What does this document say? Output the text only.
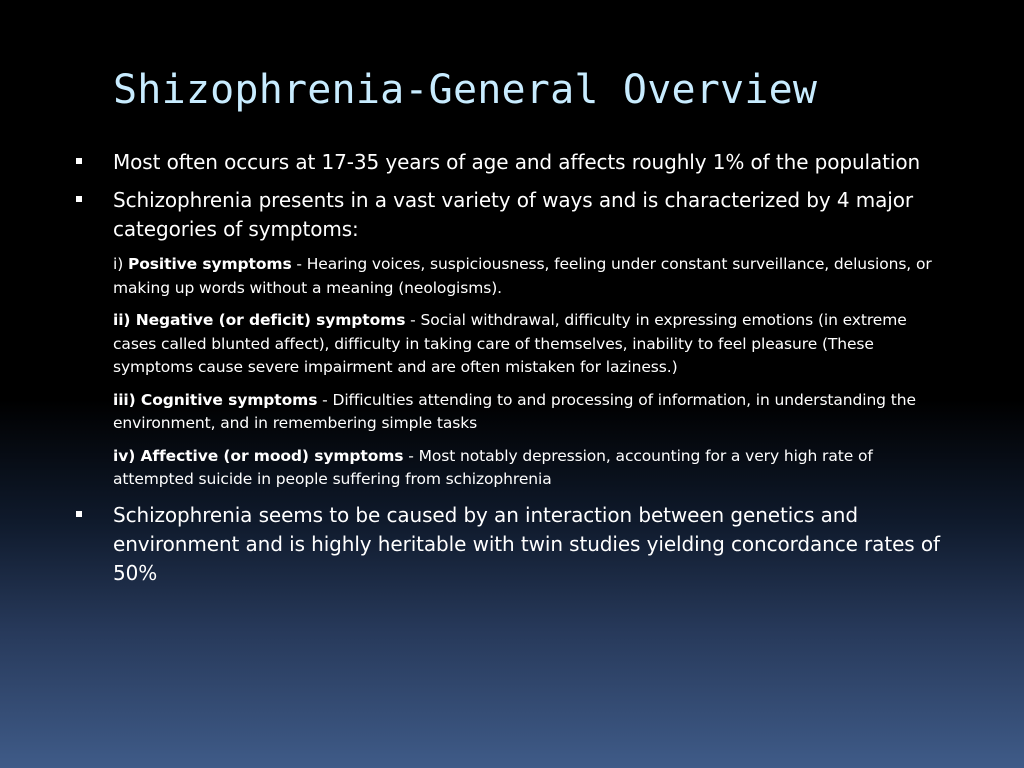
Shizophrenia-General Overview
Most often occurs at 17-35 years of age and affects roughly 1% of the population
Schizophrenia presents in a vast variety of ways and is characterized by 4 major categories of symptoms:
i) Positive symptoms - Hearing voices, suspiciousness, feeling under constant surveillance, delusions, or making up words without a meaning (neologisms).
ii) Negative (or deficit) symptoms - Social withdrawal, difficulty in expressing emotions (in extreme cases called blunted affect), difficulty in taking care of themselves, inability to feel pleasure (These symptoms cause severe impairment and are often mistaken for laziness.)
iii) Cognitive symptoms - Difficulties attending to and processing of information, in understanding the environment, and in remembering simple tasks
iv) Affective (or mood) symptoms - Most notably depression, accounting for a very high rate of attempted suicide in people suffering from schizophrenia
Schizophrenia seems to be caused by an interaction between genetics and environment and is highly heritable with twin studies yielding concordance rates of 50%
